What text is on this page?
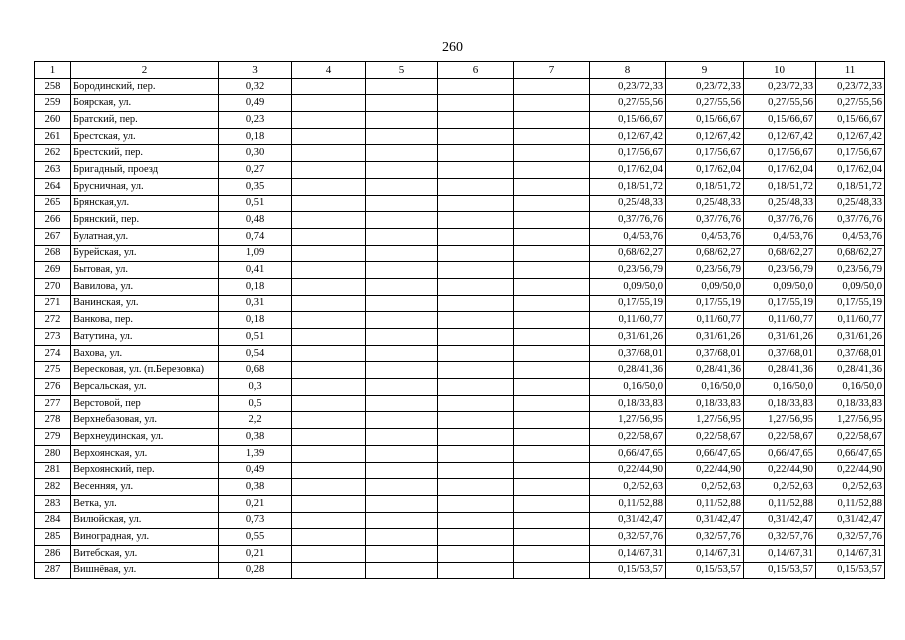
260
1	2	3	4	5	6	7	8	9	10	11
258	Бородинский, пер.	0,32					0,23/72,33	0,23/72,33	0,23/72,33	0,23/72,33
259	Боярская, ул.	0,49					0,27/55,56	0,27/55,56	0,27/55,56	0,27/55,56
260	Братский, пер.	0,23					0,15/66,67	0,15/66,67	0,15/66,67	0,15/66,67
261	Брестская, ул.	0,18					0,12/67,42	0,12/67,42	0,12/67,42	0,12/67,42
262	Брестский, пер.	0,30					0,17/56,67	0,17/56,67	0,17/56,67	0,17/56,67
263	Бригадный, проезд	0,27					0,17/62,04	0,17/62,04	0,17/62,04	0,17/62,04
264	Брусничная, ул.	0,35					0,18/51,72	0,18/51,72	0,18/51,72	0,18/51,72
265	Брянская,ул.	0,51					0,25/48,33	0,25/48,33	0,25/48,33	0,25/48,33
266	Брянский, пер.	0,48					0,37/76,76	0,37/76,76	0,37/76,76	0,37/76,76
267	Булатная,ул.	0,74					0,4/53,76	0,4/53,76	0,4/53,76	0,4/53,76
268	Бурейская, ул.	1,09					0,68/62,27	0,68/62,27	0,68/62,27	0,68/62,27
269	Бытовая, ул.	0,41					0,23/56,79	0,23/56,79	0,23/56,79	0,23/56,79
270	Вавилова, ул.	0,18					0,09/50,0	0,09/50,0	0,09/50,0	0,09/50,0
271	Ванинская, ул.	0,31					0,17/55,19	0,17/55,19	0,17/55,19	0,17/55,19
272	Ванкова, пер.	0,18					0,11/60,77	0,11/60,77	0,11/60,77	0,11/60,77
273	Ватутина, ул.	0,51					0,31/61,26	0,31/61,26	0,31/61,26	0,31/61,26
274	Вахова, ул.	0,54					0,37/68,01	0,37/68,01	0,37/68,01	0,37/68,01
275	Вересковая, ул. (п.Березовка)	0,68					0,28/41,36	0,28/41,36	0,28/41,36	0,28/41,36
276	Версальская, ул.	0,3					0,16/50,0	0,16/50,0	0,16/50,0	0,16/50,0
277	Верстовой, пер	0,5					0,18/33,83	0,18/33,83	0,18/33,83	0,18/33,83
278	Верхнебазовая, ул.	2,2					1,27/56,95	1,27/56,95	1,27/56,95	1,27/56,95
279	Верхнеудинская, ул.	0,38					0,22/58,67	0,22/58,67	0,22/58,67	0,22/58,67
280	Верхоянская, ул.	1,39					0,66/47,65	0,66/47,65	0,66/47,65	0,66/47,65
281	Верхоянский, пер.	0,49					0,22/44,90	0,22/44,90	0,22/44,90	0,22/44,90
282	Весенняя, ул.	0,38					0,2/52,63	0,2/52,63	0,2/52,63	0,2/52,63
283	Ветка, ул.	0,21					0,11/52,88	0,11/52,88	0,11/52,88	0,11/52,88
284	Вилюйская, ул.	0,73					0,31/42,47	0,31/42,47	0,31/42,47	0,31/42,47
285	Виноградная, ул.	0,55					0,32/57,76	0,32/57,76	0,32/57,76	0,32/57,76
286	Витебская, ул.	0,21					0,14/67,31	0,14/67,31	0,14/67,31	0,14/67,31
287	Вишнёвая, ул.	0,28					0,15/53,57	0,15/53,57	0,15/53,57	0,15/53,57
